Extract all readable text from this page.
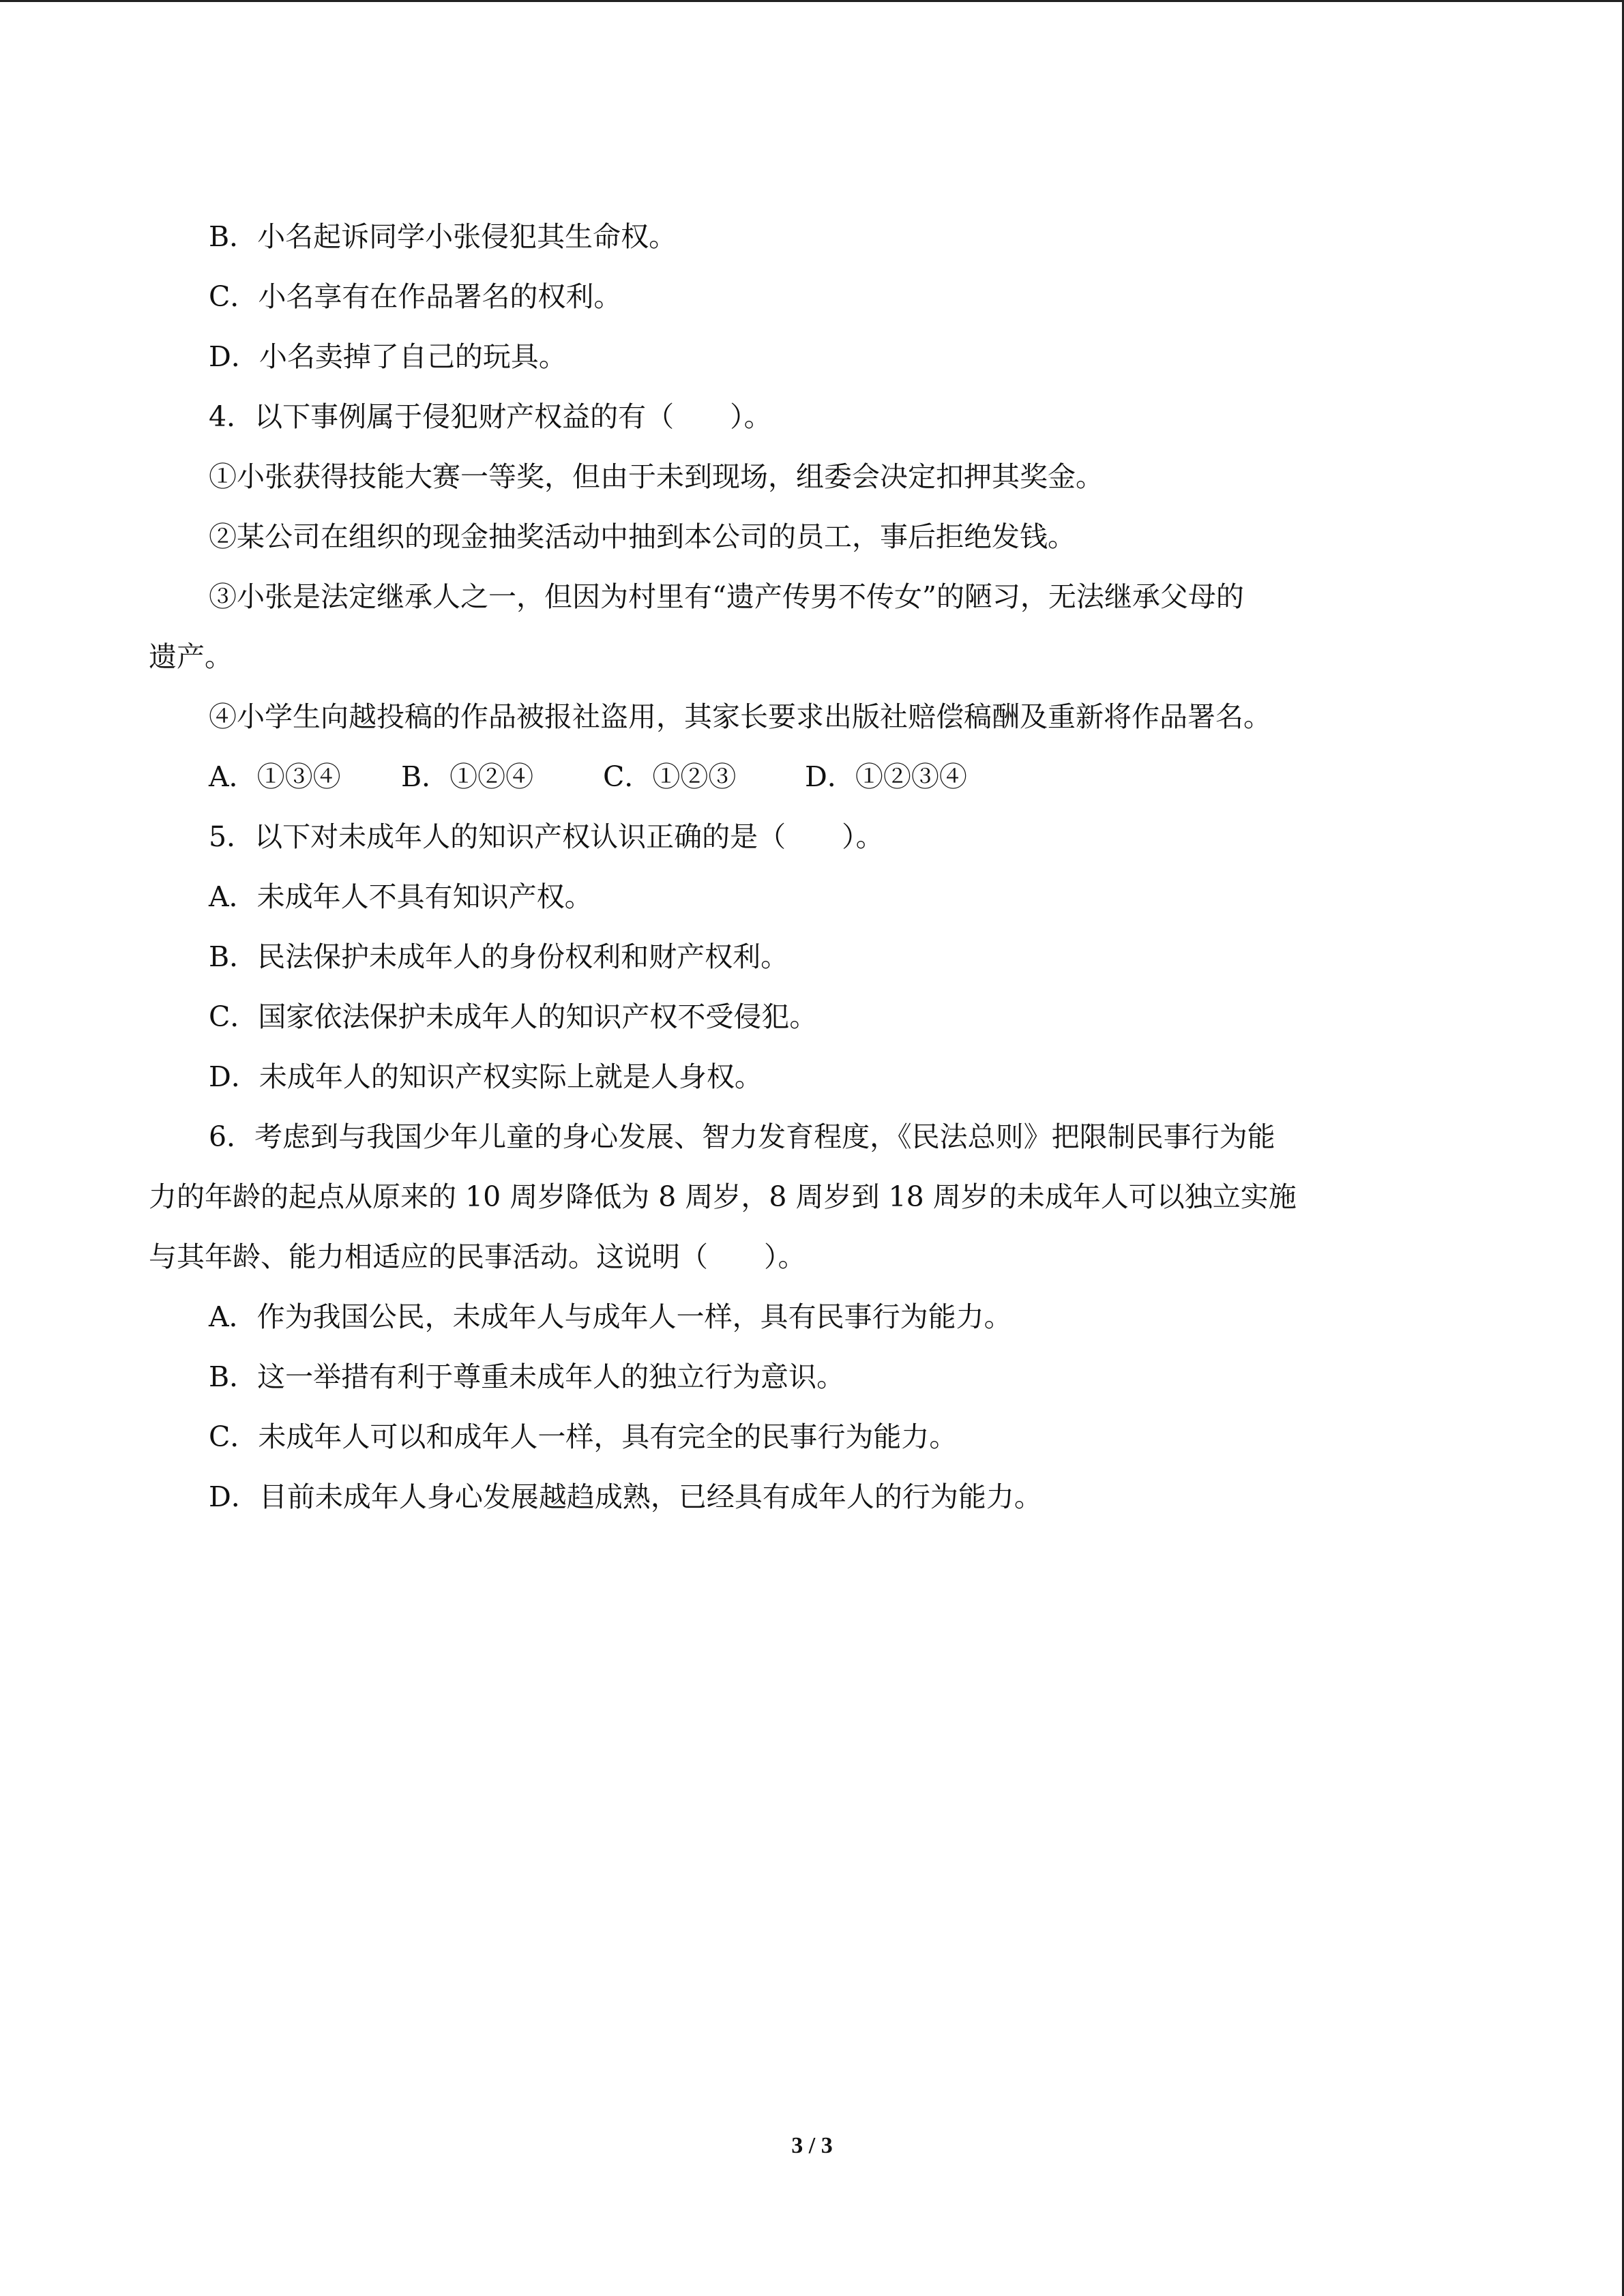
B．小名起诉同学小张侵犯其生命权。
C．小名享有在作品署名的权利。
D．小名卖掉了自己的玩具。
4．以下事例属于侵犯财产权益的有（　　）。
①小张获得技能大赛一等奖，但由于未到现场，组委会决定扣押其奖金。
②某公司在组织的现金抽奖活动中抽到本公司的员工，事后拒绝发钱。
③小张是法定继承人之一，但因为村里有“遗产传男不传女”的陋习，无法继承父母的
遗产。
④小学生向越投稿的作品被报社盗用，其家长要求出版社赔偿稿酬及重新将作品署名。
A．①③④ B．①②④ C．①②③ D．①②③④
5．以下对未成年人的知识产权认识正确的是（　　）。
A．未成年人不具有知识产权。
B．民法保护未成年人的身份权利和财产权利。
C．国家依法保护未成年人的知识产权不受侵犯。
D．未成年人的知识产权实际上就是人身权。
6．考虑到与我国少年儿童的身心发展、智力发育程度，《民法总则》把限制民事行为能
力的年龄的起点从原来的 10 周岁降低为 8 周岁，8 周岁到 18 周岁的未成年人可以独立实施
与其年龄、能力相适应的民事活动。这说明（　　）。
A．作为我国公民，未成年人与成年人一样，具有民事行为能力。
B．这一举措有利于尊重未成年人的独立行为意识。
C．未成年人可以和成年人一样，具有完全的民事行为能力。
D．目前未成年人身心发展越趋成熟，已经具有成年人的行为能力。
3 / 3
